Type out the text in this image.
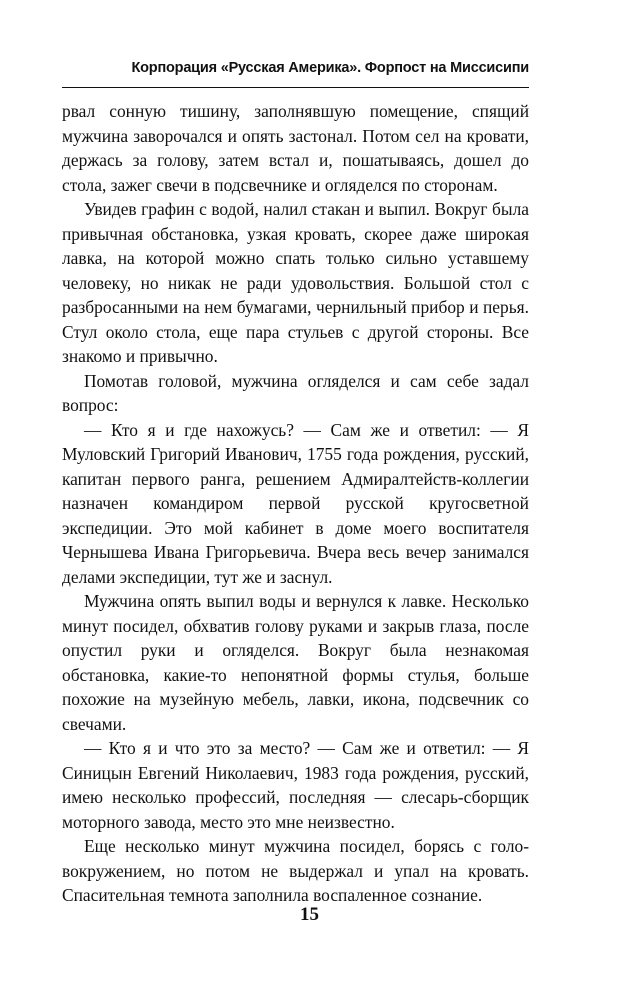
Корпорация «Русская Америка». Форпост на Миссисипи

рвал сонную тишину, заполнявшую помещение, спящий мужчина заворочался и опять застонал. Потом сел на кровати, держась за голову, затем встал и, пошатываясь, дошел до стола, зажег свечи в подсвечнике и огляделся по сторонам.

Увидев графин с водой, налил стакан и выпил. Вокруг была привычная обстановка, узкая кровать, скорее даже широкая лавка, на которой можно спать только сильно уставшему человеку, но никак не ради удовольствия. Большой стол с разбросанными на нем бумагами, чернильный прибор и перья. Стул около стола, еще пара стульев с другой стороны. Все знакомо и привычно.

Помотав головой, мужчина огляделся и сам себе задал вопрос:

— Кто я и где нахожусь? — Сам же и ответил: — Я Муловский Григорий Иванович, 1755 года рождения, русский, капитан первого ранга, решением Адмиралтейств-коллегии назначен командиром первой русской кругосветной экспедиции. Это мой кабинет в доме моего воспитателя Чернышева Ивана Григорьевича. Вчера весь вечер занимался делами экспедиции, тут же и заснул.

Мужчина опять выпил воды и вернулся к лавке. Несколько минут посидел, обхватив голову руками и закрыв глаза, после опустил руки и огляделся. Вокруг была незнакомая обстановка, какие-то непонятной формы стулья, больше похожие на музейную мебель, лавки, икона, подсвечник со свечами.

— Кто я и что это за место? — Сам же и ответил: — Я Синицын Евгений Николаевич, 1983 года рождения, русский, имею несколько профессий, последняя — слесарь-сборщик моторного завода, место это мне неизвестно.

Еще несколько минут мужчина посидел, борясь с головокружением, но потом не выдержал и упал на кровать. Спасительная темнота заполнила воспаленное сознание.

15
